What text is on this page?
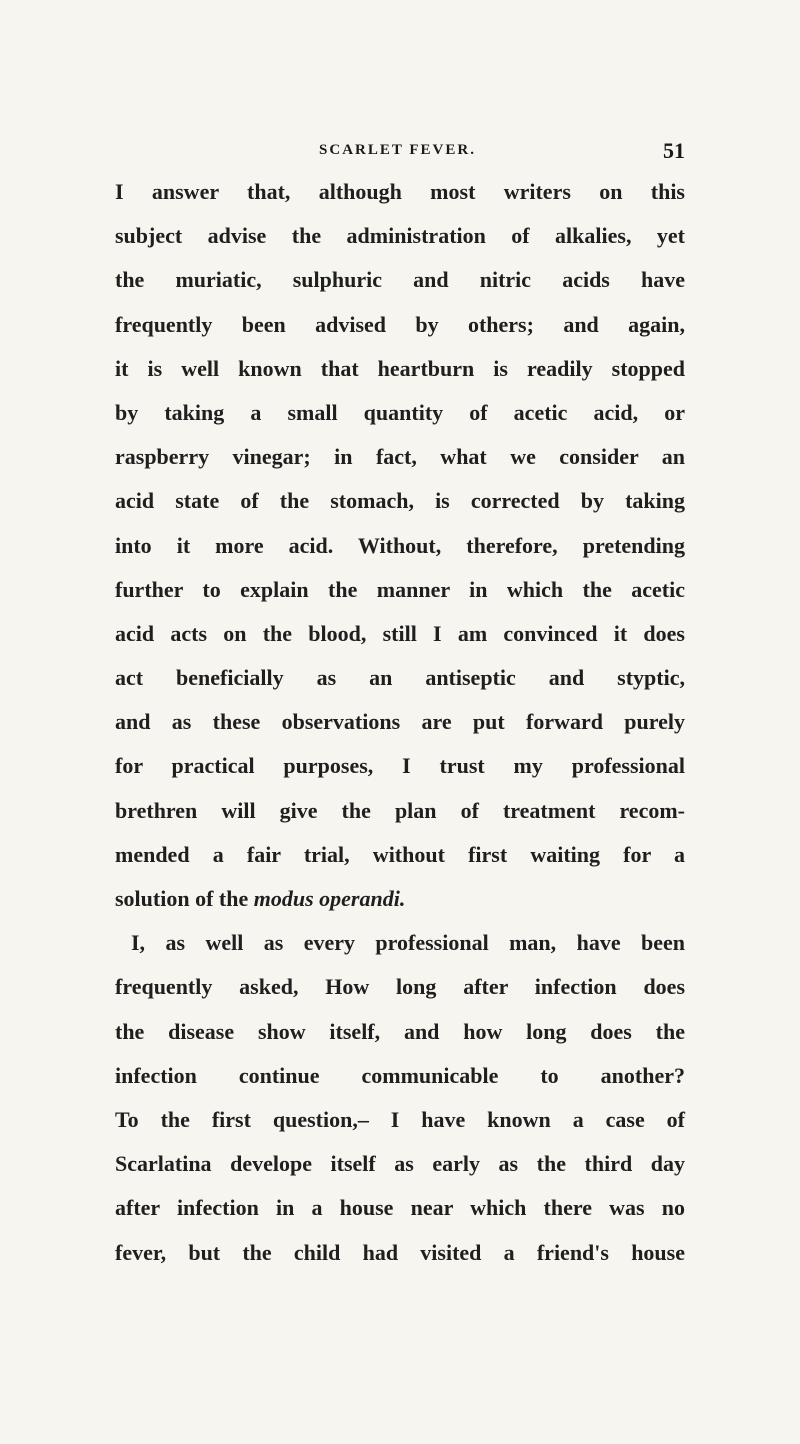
SCARLET FEVER.	51
I answer that, although most writers on this
subject advise the administration of alkalies, yet
the muriatic, sulphuric and nitric acids have
frequently been advised by others; and again,
it is well known that heartburn is readily stopped
by taking a small quantity of acetic acid, or
raspberry vinegar; in fact, what we consider an
acid state of the stomach, is corrected by taking
into it more acid. Without, therefore, pretending
further to explain the manner in which the acetic
acid acts on the blood, still I am convinced it does
act beneficially as an antiseptic and styptic,
and as these observations are put forward purely
for practical purposes, I trust my professional
brethren will give the plan of treatment recom-
mended a fair trial, without first waiting for a
solution of the modus operandi.
I, as well as every professional man, have been
frequently asked, How long after infection does
the disease show itself, and how long does the
infection continue communicable to another?
To the first question,– I have known a case of
Scarlatina develope itself as early as the third day
after infection in a house near which there was no
fever, but the child had visited a friend's house
